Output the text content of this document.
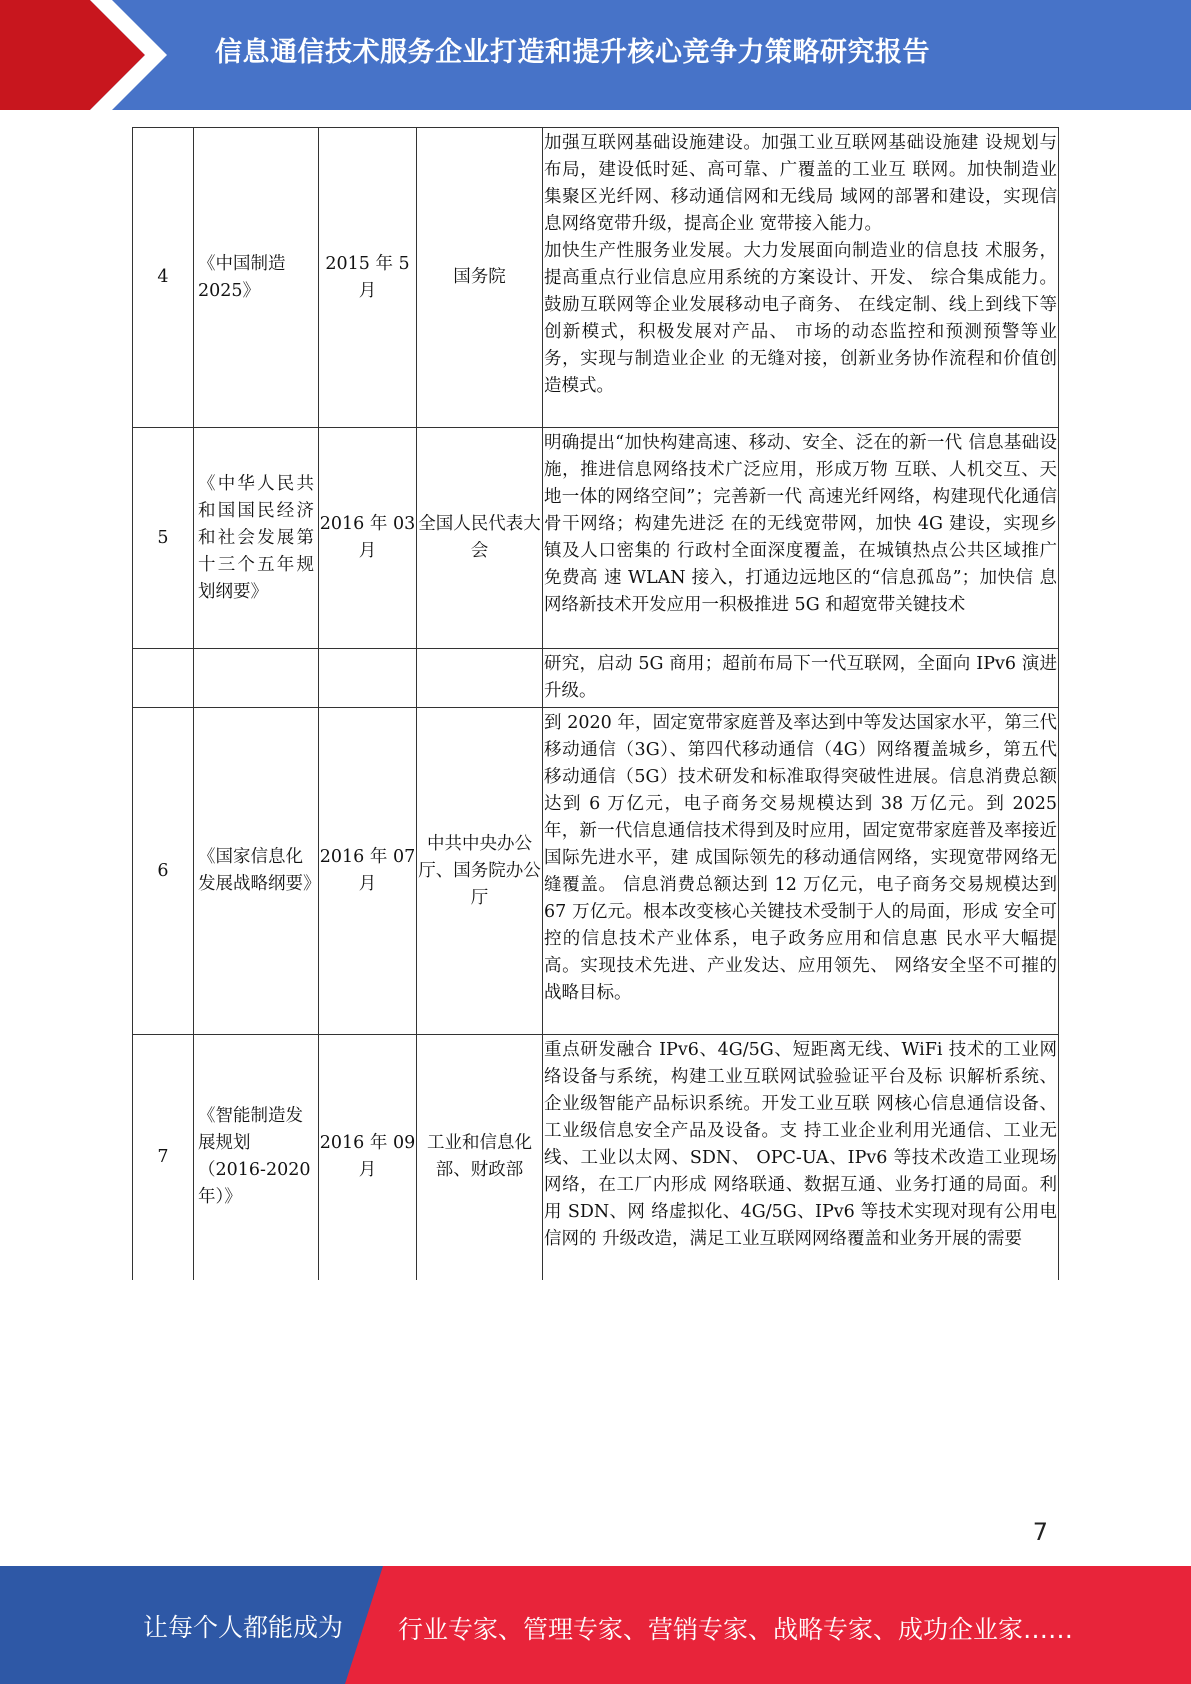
信息通信技术服务企业打造和提升核心竞争力策略研究报告
4	《中国制造 2025》	2015 年 5 月	国务院	加强互联网基础设施建设。加强工业互联网基础设施建 设规划与布局，建设低时延、高可靠、广覆盖的工业互 联网。加快制造业集聚区光纤网、移动通信网和无线局 域网的部署和建设，实现信息网络宽带升级，提高企业 宽带接入能力。

加快生产性服务业发展。大力发展面向制造业的信息技 术服务，提高重点行业信息应用系统的方案设计、开发、 综合集成能力。鼓励互联网等企业发展移动电子商务、 在线定制、线上到线下等创新模式，积极发展对产品、 市场的动态监控和预测预警等业务，实现与制造业企业 的无缝对接，创新业务协作流程和价值创造模式。

5	《中华人民共和国国民经济和社会发展第十三个五年规划纲要》	2016 年 03 月	全国人民代表大会	明确提出“加快构建高速、移动、安全、泛在的新一代 信息基础设施，推进信息网络技术广泛应用，形成万物 互联、人机交互、天地一体的网络空间”；完善新一代 高速光纤网络，构建现代化通信骨干网络；构建先进泛 在的无线宽带网，加快 4G 建设，实现乡镇及人口密集的 行政村全面深度覆盖，在城镇热点公共区域推广免费高 速 WLAN 接入，打通边远地区的“信息孤岛”；加快信 息网络新技术开发应用一积极推进 5G 和超宽带关键技术

				研究，启动 5G 商用；超前布局下一代互联网，全面向 IPv6 演进升级。

6	《国家信息化发展战略纲要》	2016 年 07 月	中共中央办公厅、国务院办公厅	到 2020 年，固定宽带家庭普及率达到中等发达国家水平，第三代移动通信（3G）、第四代移动通信（4G）网络覆盖城乡，第五代移动通信（5G）技术研发和标准取得突破性进展。信息消费总额达到 6 万亿元，电子商务交易规模达到 38 万亿元。到 2025 年，新一代信息通信技术得到及时应用，固定宽带家庭普及率接近国际先进水平，建 成国际领先的移动通信网络，实现宽带网络无缝覆盖。 信息消费总额达到 12 万亿元，电子商务交易规模达到 67 万亿元。根本改变核心关键技术受制于人的局面，形成 安全可控的信息技术产业体系，电子政务应用和信息惠 民水平大幅提高。实现技术先进、产业发达、应用领先、 网络安全坚不可摧的战略目标。

7	《智能制造发展规划（2016-2020 年）》	2016 年 09 月	工业和信息化部、财政部	重点研发融合 IPv6、4G/5G、短距离无线、WiFi 技术的工业网络设备与系统，构建工业互联网试验验证平台及标 识解析系统、企业级智能产品标识系统。开发工业互联 网核心信息通信设备、工业级信息安全产品及设备。支 持工业企业利用光通信、工业无线、工业以太网、SDN、 OPC-UA、IPv6 等技术改造工业现场网络，在工厂内形成 网络联通、数据互通、业务打通的局面。利用 SDN、网 络虚拟化、4G/5G、IPv6 等技术实现对现有公用电信网的 升级改造，满足工业互联网网络覆盖和业务开展的需要

7
让每个人都能成为 行业专家、管理专家、营销专家、战略专家、成功企业家……
